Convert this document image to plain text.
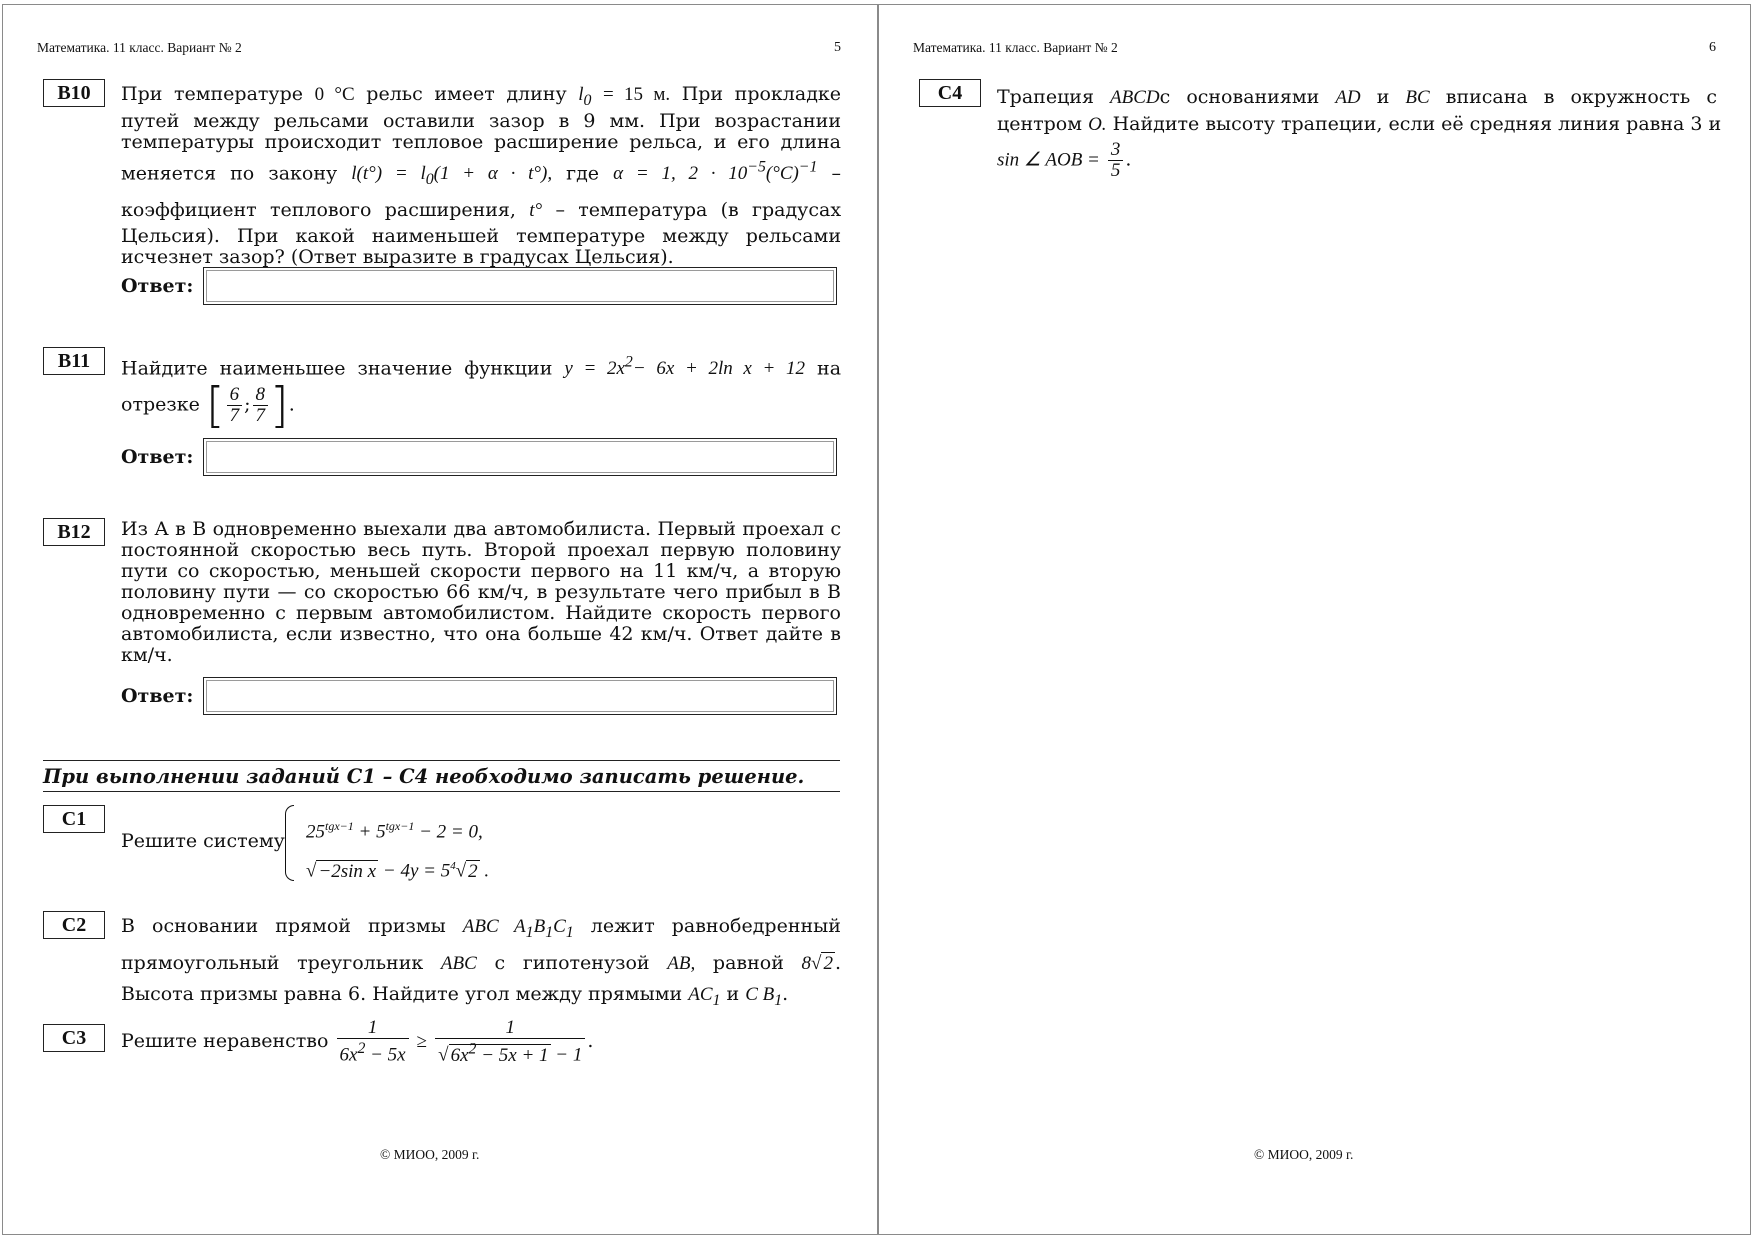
Математика. 11 класс. Вариант № 2	5
В10	При температуре 0 °С рельс имеет длину $l_0 = 15$ м. При прокладке
путей между рельсами оставили зазор в 9 мм. При возрастании
температуры происходит тепловое расширение рельса, и его длина
меняется по закону $l(t^\circ) = l_0(1 + \alpha \cdot t^\circ)$, где α = 1, $2 \cdot 10^{-5}(^\circ C)^{-1}$ –
коэффициент теплового расширения, t° – температура (в градусах
Цельсия). При какой наименьшей температуре между рельсами
исчезнет зазор? (Ответ выразите в градусах Цельсия).
Ответ:
В11	Найдите наименьшее значение функции $y = 2x^2- 6x + 2\ln$ x + 12 на
отрезке [ $\frac{6}{7}$ ; $\frac{8}{7}$ ].
Ответ:
В12	Из А в В одновременно выехали два автомобилиста. Первый проехал с
постоянной скоростью весь путь. Второй проехал первую половину
пути со скоростью, меньшей скорости первого на 11 км/ч, а вторую
половину пути — со скоростью 66 км/ч, в результате чего прибыл в В
одновременно с первым автомобилистом. Найдите скорость первого
автомобилиста, если известно, что она больше 42 км/ч. Ответ дайте в
км/ч.
Ответ:
При выполнении заданий С1 – С4 необходимо записать решение.
С1
Решите систему $25^{tgx-1} + 5^{tgx-1} - 2 = 0$,
√ −2sin $x - 4y = 5^4√$ 2 .
С2	В основании прямой призмы ABC $A_1B_1C_1$ лежит равнобедренный
прямоугольный треугольник ABC с гипотенузой AB, равной 8√ 2 .
Высота призмы равна 6. Найдите угол между прямыми $AC_1$ и C $B_1$.
С3	Решите неравенство $\frac{1}{6x^2 - 5x} \ge \frac{1}{√ 6x^2 - 5x + 1 - 1}$ .
© МИОО, 2009 г.
Математика. 11 класс. Вариант № 2	6
С4	Трапеция ABCDс основаниями AD и BC вписана в окружность с
центром O. Найдите высоту трапеции, если её средняя линия равна 3 и
sin ∠ AOB = $\frac{3}{5}$ .
© МИОО, 2009 г.
